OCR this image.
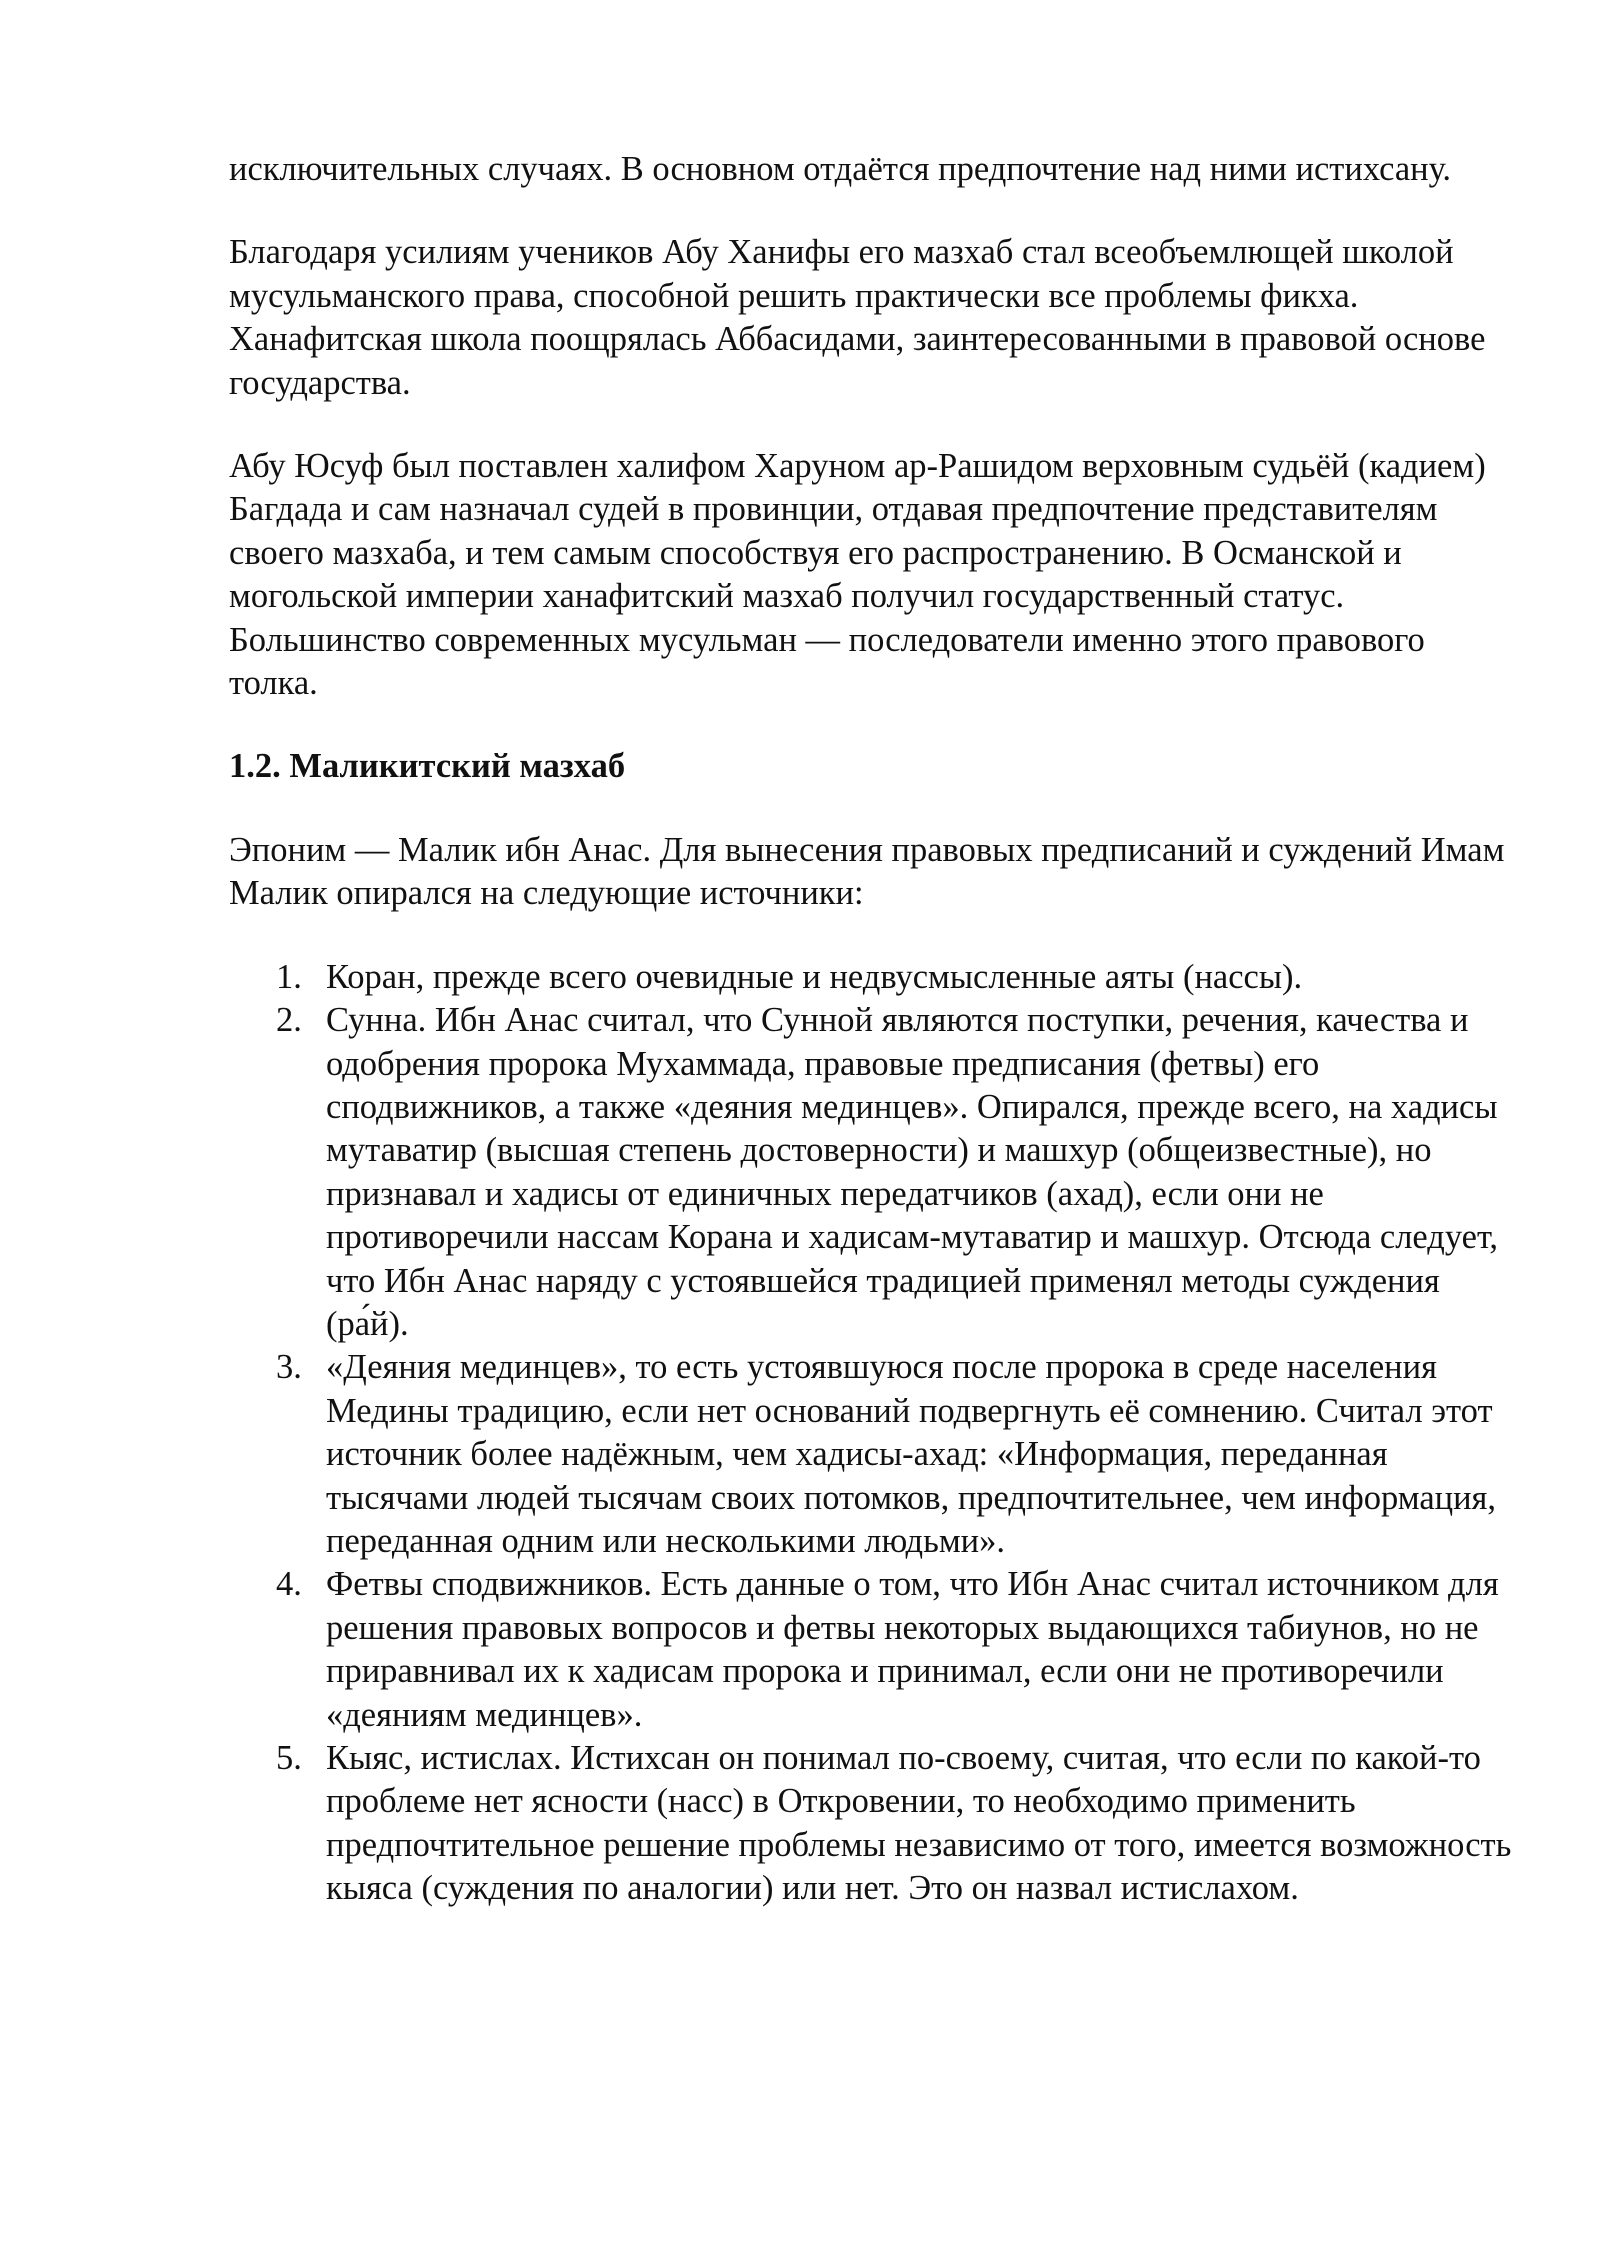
исключительных случаях. В основном отдаётся предпочтение над ними истихсану.

Благодаря усилиям учеников Абу Ханифы его мазхаб стал всеобъемлющей школой мусульманского права, способной решить практически все проблемы фикха. Ханафитская школа поощрялась Аббасидами, заинтересованными в правовой основе государства.

Абу Юсуф был поставлен халифом Харуном ар-Рашидом верховным судьёй (кадием) Багдада и сам назначал судей в провинции, отдавая предпочтение представителям своего мазхаба, и тем самым способствуя его распространению. В Османской и могольской империи ханафитский мазхаб получил государственный статус. Большинство современных мусульман — последователи именно этого правового толка.

1.2. Маликитский мазхаб

Эпоним — Малик ибн Анас. Для вынесения правовых предписаний и суждений Имам Малик опирался на следующие источники:

1. Коран, прежде всего очевидные и недвусмысленные аяты (нассы).
2. Сунна. Ибн Анас считал, что Сунной являются поступки, речения, качества и одобрения пророка Мухаммада, правовые предписания (фетвы) его сподвижников, а также «деяния мединцев». Опирался, прежде всего, на хадисы мутаватир (высшая степень достоверности) и машхур (общеизвестные), но признавал и хадисы от единичных передатчиков (ахад), если они не противоречили нассам Корана и хадисам-мутаватир и машхур. Отсюда следует, что Ибн Анас наряду с устоявшейся традицией применял методы суждения (ра́й).
3. «Деяния мединцев», то есть устоявшуюся после пророка в среде населения Медины традицию, если нет оснований подвергнуть её сомнению. Считал этот источник более надёжным, чем хадисы-ахад: «Информация, переданная тысячами людей тысячам своих потомков, предпочтительнее, чем информация, переданная одним или несколькими людьми».
4. Фетвы сподвижников. Есть данные о том, что Ибн Анас считал источником для решения правовых вопросов и фетвы некоторых выдающихся табиунов, но не приравнивал их к хадисам пророка и принимал, если они не противоречили «деяниям мединцев».
5. Кыяс, истислах. Истихсан он понимал по-своему, считая, что если по какой-то проблеме нет ясности (насс) в Откровении, то необходимо применить предпочтительное решение проблемы независимо от того, имеется возможность кыяса (суждения по аналогии) или нет. Это он назвал истислахом.
